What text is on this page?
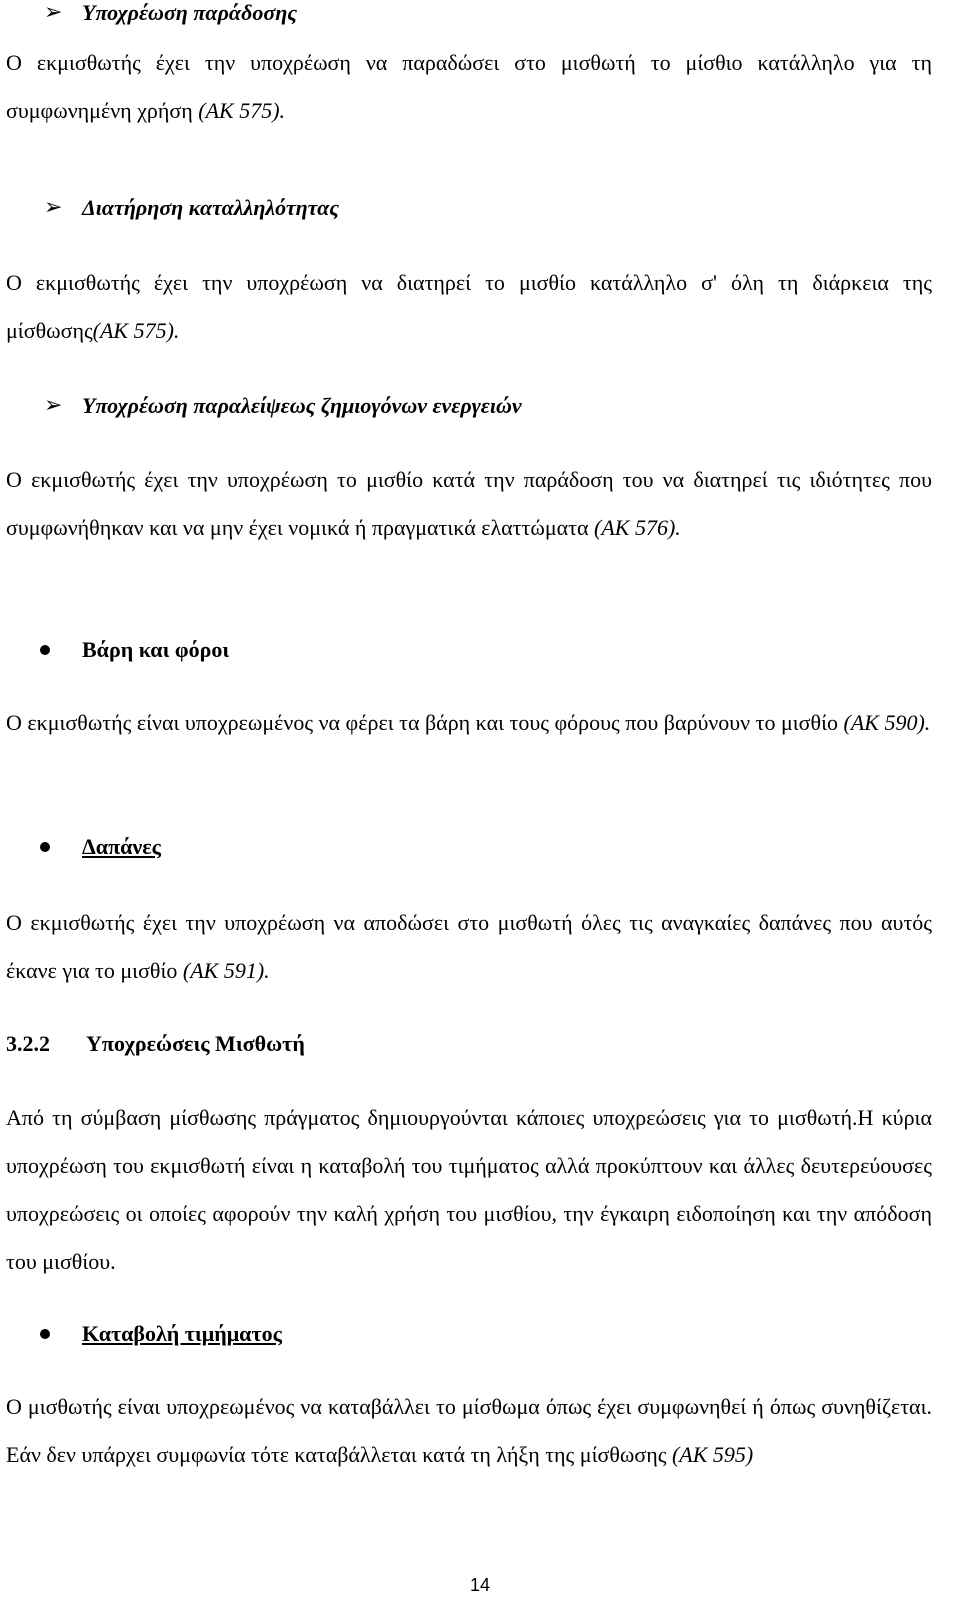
➢ Υποχρέωση παράδοσης

Ο εκμισθωτής έχει την υποχρέωση να παραδώσει στο μισθωτή το μίσθιο κατάλληλο για τη συμφωνημένη χρήση (ΑΚ 575).

➢ Διατήρηση καταλληλότητας

Ο εκμισθωτής έχει την υποχρέωση να διατηρεί το μισθίο κατάλληλο σ' όλη τη διάρκεια της μίσθωσης(ΑΚ 575).

➢ Υποχρέωση παραλείψεως ζημιογόνων ενεργειών

Ο εκμισθωτής έχει την υποχρέωση το μισθίο κατά την παράδοση του να διατηρεί τις ιδιότητες που συμφωνήθηκαν και να μην έχει νομικά ή πραγματικά ελαττώματα (ΑΚ 576).

Βάρη και φόροι

Ο εκμισθωτής είναι υποχρεωμένος να φέρει τα βάρη και τους φόρους που βαρύνουν το μισθίο (ΑΚ 590).

Δαπάνες

Ο εκμισθωτής έχει την υποχρέωση να αποδώσει στο μισθωτή όλες τις αναγκαίες δαπάνες που αυτός έκανε για το μισθίο (ΑΚ 591).

3.2.2 Υποχρεώσεις Μισθωτή

Από τη σύμβαση μίσθωσης πράγματος δημιουργούνται κάποιες υποχρεώσεις για το μισθωτή.Η κύρια υποχρέωση του εκμισθωτή είναι η καταβολή του τιμήματος αλλά προκύπτουν και άλλες δευτερεύουσες υποχρεώσεις οι οποίες αφορούν την καλή χρήση του μισθίου, την έγκαιρη ειδοποίηση και την απόδοση του μισθίου.

Καταβολή τιμήματος

Ο μισθωτής είναι υποχρεωμένος να καταβάλλει το μίσθωμα όπως έχει συμφωνηθεί ή όπως συνηθίζεται. Εάν δεν υπάρχει συμφωνία τότε καταβάλλεται κατά τη λήξη της μίσθωσης (ΑΚ 595)

14
